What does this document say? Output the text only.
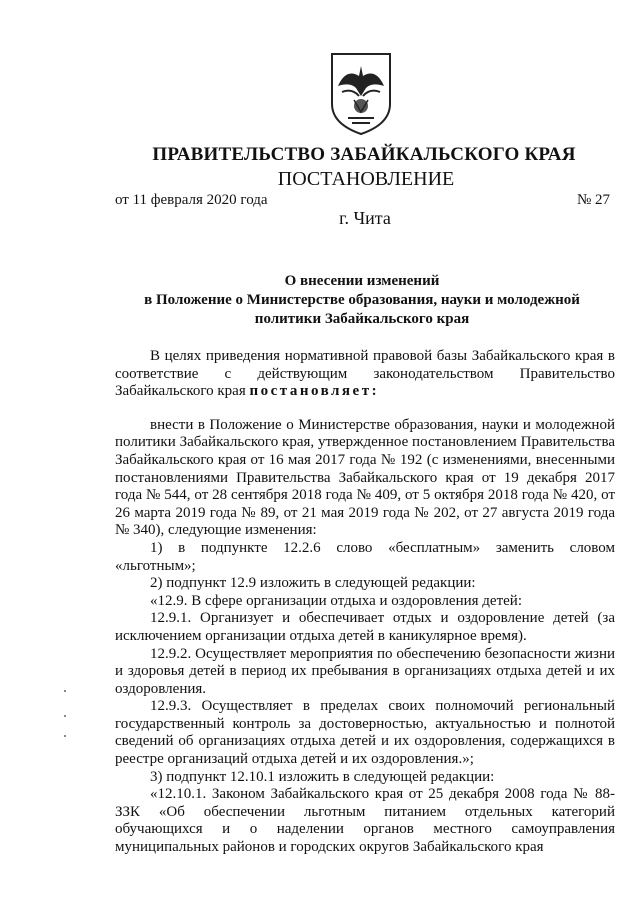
ПРАВИТЕЛЬСТВО ЗАБАЙКАЛЬСКОГО КРАЯ
ПОСТАНОВЛЕНИЕ
от 11 февраля 2020 года	№ 27
г. Чита
О внесении изменений
в Положение о Министерстве образования, науки и молодежной
политики Забайкальского края

В целях приведения нормативной правовой базы Забайкальского края в соответствие с действующим законодательством Правительство Забайкальского края постановляет:

внести в Положение о Министерстве образования, науки и молодежной политики Забайкальского края, утвержденное постановлением Правительства Забайкальского края от 16 мая 2017 года № 192 (с изменениями, внесенными постановлениями Правительства Забайкальского края от 19 декабря 2017 года № 544, от 28 сентября 2018 года № 409, от 5 октября 2018 года № 420, от 26 марта 2019 года № 89, от 21 мая 2019 года № 202, от 27 августа 2019 года № 340), следующие изменения:

1) в подпункте 12.2.6 слово «бесплатным» заменить словом «льготным»;

2) подпункт 12.9 изложить в следующей редакции:

«12.9. В сфере организации отдыха и оздоровления детей:

12.9.1. Организует и обеспечивает отдых и оздоровление детей (за исключением организации отдыха детей в каникулярное время).

12.9.2. Осуществляет мероприятия по обеспечению безопасности жизни и здоровья детей в период их пребывания в организациях отдыха детей и их оздоровления.

12.9.3. Осуществляет в пределах своих полномочий региональный государственный контроль за достоверностью, актуальностью и полнотой сведений об организациях отдыха детей и их оздоровления, содержащихся в реестре организаций отдыха детей и их оздоровления.»;

3) подпункт 12.10.1 изложить в следующей редакции:

«12.10.1. Законом Забайкальского края от 25 декабря 2008 года № 88-ЗЗК «Об обеспечении льготным питанием отдельных категорий обучающихся и о наделении органов местного самоуправления муниципальных районов и городских округов Забайкальского края
